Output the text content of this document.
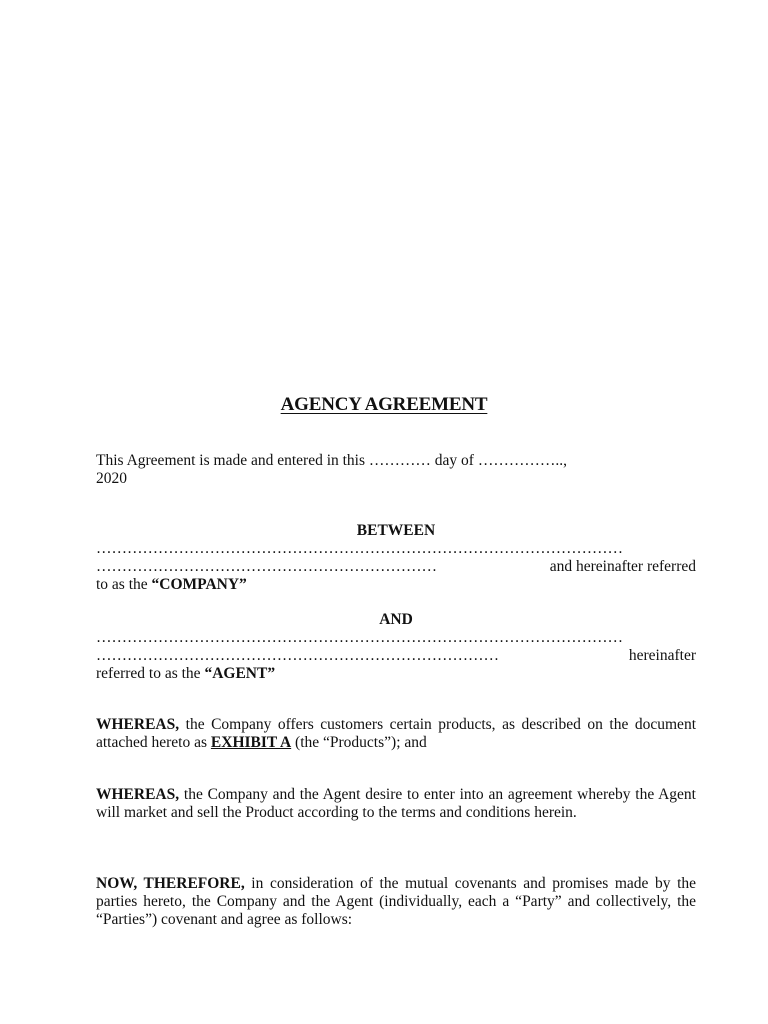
AGENCY AGREEMENT
This Agreement is made and entered in this ………… day of ……………..,
2020
BETWEEN
…………………………………………………………………………………………
…………………………………………………………	and hereinafter referred
to as the “COMPANY”
AND
…………………………………………………………………………………………
……………………………………………………………………	hereinafter
referred to as the “AGENT”
WHEREAS, the Company offers customers certain products, as described on the document attached hereto as EXHIBIT A (the “Products”); and
WHEREAS, the Company and the Agent desire to enter into an agreement whereby the Agent will market and sell the Product according to the terms and conditions herein.
NOW, THEREFORE, in consideration of the mutual covenants and promises made by the parties hereto, the Company and the Agent (individually, each a “Party” and collectively, the “Parties”) covenant and agree as follows:
